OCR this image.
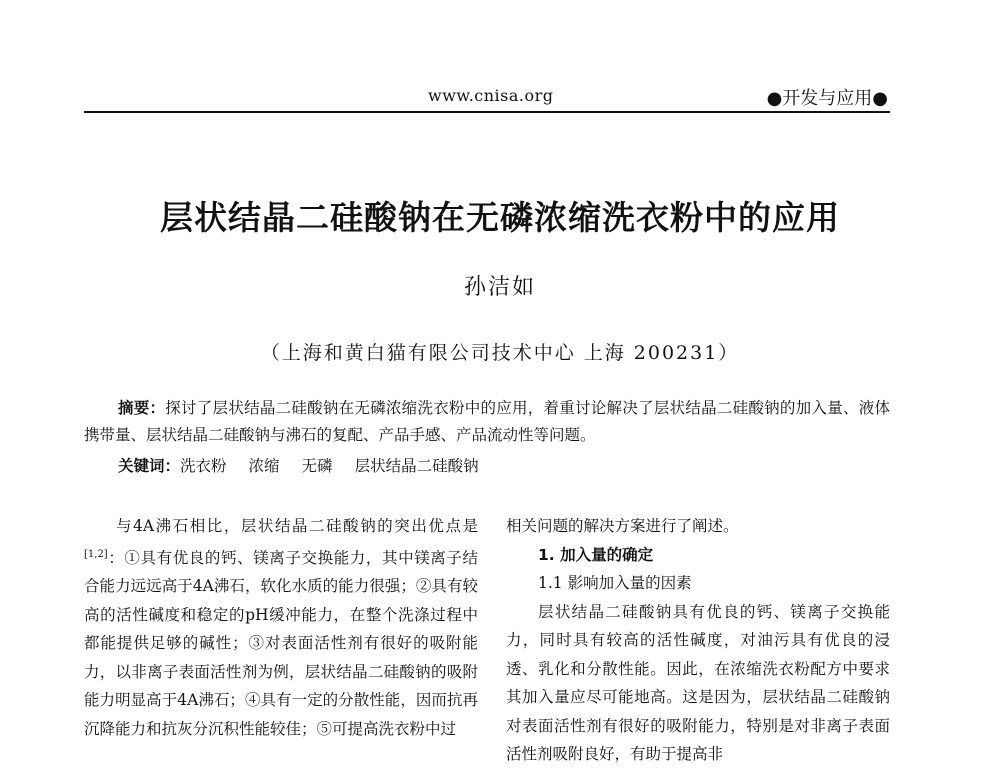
www.cnisa.org	●开发与应用●
层状结晶二硅酸钠在无磷浓缩洗衣粉中的应用
孙洁如
（上海和黄白猫有限公司技术中心 上海 200231）
摘要：探讨了层状结晶二硅酸钠在无磷浓缩洗衣粉中的应用，着重讨论解决了层状结晶二硅酸钠的加入量、液体携带量、层状结晶二硅酸钠与沸石的复配、产品手感、产品流动性等问题。
关键词：洗衣粉 浓缩 无磷 层状结晶二硅酸钠

与4A沸石相比，层状结晶二硅酸钠的突出优点是[1,2]：①具有优良的钙、镁离子交换能力，其中镁离子结合能力远远高于4A沸石，软化水质的能力很强；②具有较高的活性碱度和稳定的pH缓冲能力，在整个洗涤过程中都能提供足够的碱性；③对表面活性剂有很好的吸附能力，以非离子表面活性剂为例，层状结晶二硅酸钠的吸附能力明显高于4A沸石；④具有一定的分散性能，因而抗再沉降能力和抗灰分沉积性能较佳；⑤可提高洗衣粉中过

相关问题的解决方案进行了阐述。

1. 加入量的确定

1.1 影响加入量的因素

层状结晶二硅酸钠具有优良的钙、镁离子交换能力，同时具有较高的活性碱度，对油污具有优良的浸透、乳化和分散性能。因此，在浓缩洗衣粉配方中要求其加入量应尽可能地高。这是因为，层状结晶二硅酸钠对表面活性剂有很好的吸附能力，特别是对非离子表面活性剂吸附良好，有助于提高非
